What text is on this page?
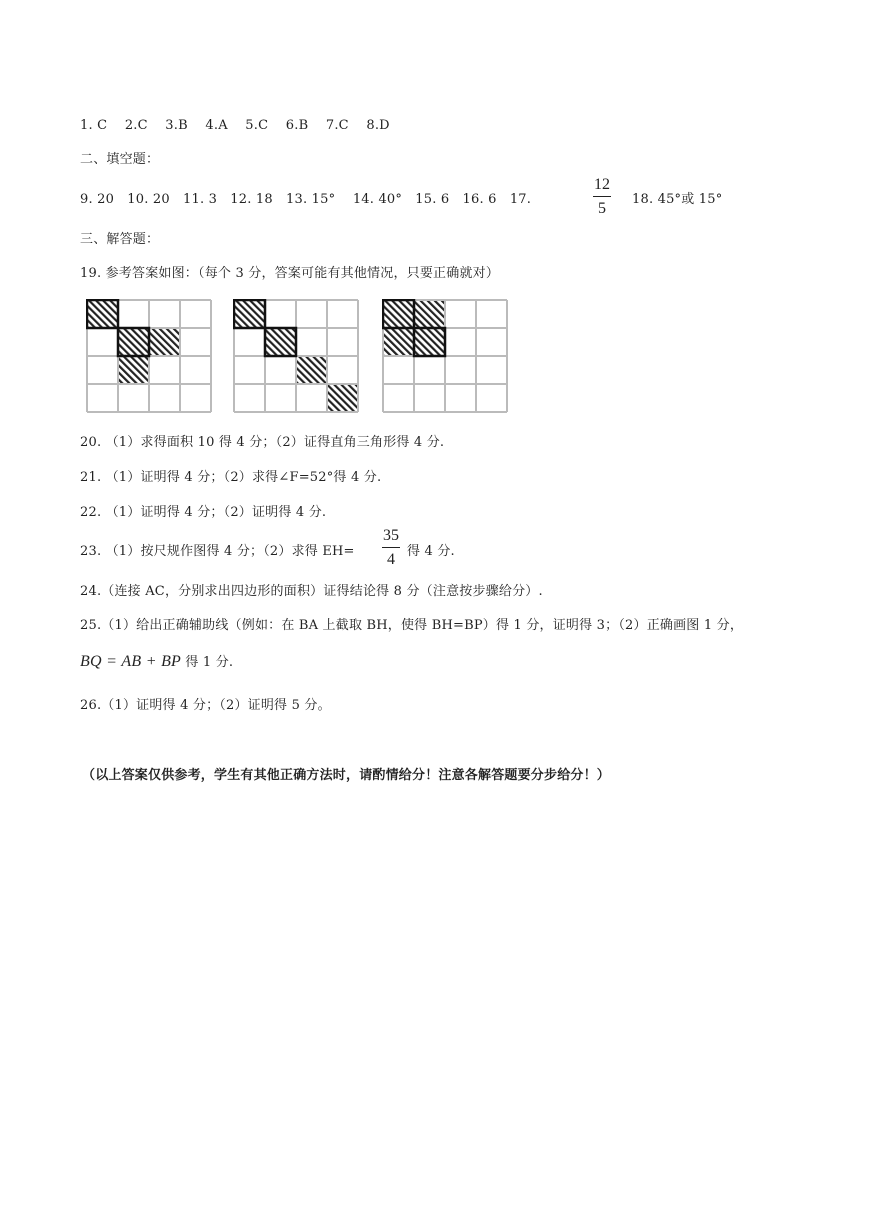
1. C　 2.C　 3.B　 4.A　 5.C　 6.B　 7.C　 8.D
二、填空题：
9. 20　10. 20　11. 3　12. 18　13. 15°　 14. 40°　15. 6　16. 6　17.	$\frac{12}{5} 18$. 45°或 15°
三、解答题：
19. 参考答案如图：（每个 3 分，答案可能有其他情况，只要正确就对）
20. （1）求得面积 10 得 4 分；（2）证得直角三角形得 4 分.
21. （1）证明得 4 分；（2）求得∠F=52°得 4 分.
22. （1）证明得 4 分；（2）证明得 4 分.
23. （1）按尺规作图得 4 分；（2）求得 $EH= \frac{35}{4}$ 得 4 分.
24.（连接 AC，分别求出四边形的面积）证得结论得 8 分（注意按步骤给分）.
25.（1）给出正确辅助线（例如：在 BA 上截取 BH，使得 BH=BP）得 1 分，证明得 3；（2）正确画图 1 分，
BQ = AB + BP 得 1 分.
26.（1）证明得 4 分；（2）证明得 5 分。
（以上答案仅供参考，学生有其他正确方法时，请酌情给分！注意各解答题要分步给分！）
